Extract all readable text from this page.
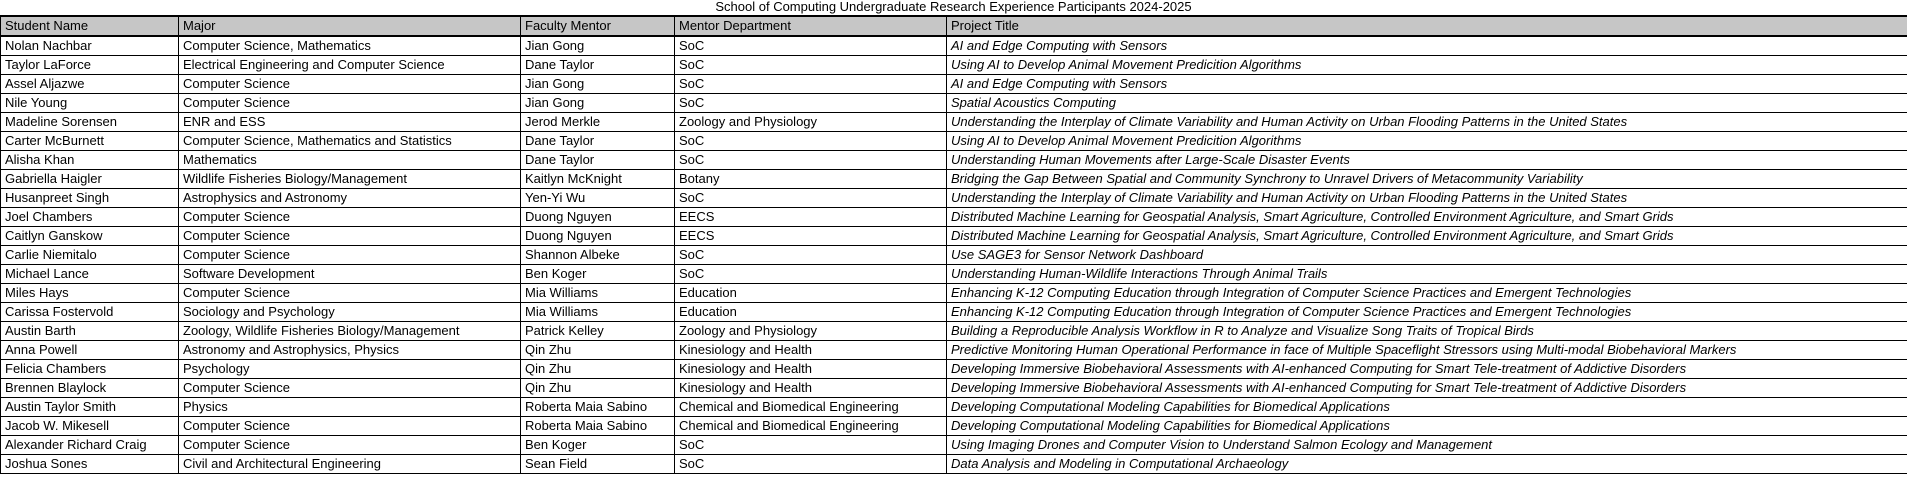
School of Computing Undergraduate Research Experience Participants 2024-2025
Student Name	Major	Faculty Mentor	Mentor Department	Project Title
Nolan Nachbar	Computer Science, Mathematics	Jian Gong	SoC	AI and Edge Computing with Sensors
Taylor LaForce	Electrical Engineering and Computer Science	Dane Taylor	SoC	Using AI to Develop Animal Movement Predicition Algorithms
Assel Aljazwe	Computer Science	Jian Gong	SoC	AI and Edge Computing with Sensors
Nile Young	Computer Science	Jian Gong	SoC	Spatial Acoustics Computing
Madeline Sorensen	ENR and ESS	Jerod Merkle	Zoology and Physiology	Understanding the Interplay of Climate Variability and Human Activity on Urban Flooding Patterns in the United States
Carter McBurnett	Computer Science, Mathematics and Statistics	Dane Taylor	SoC	Using AI to Develop Animal Movement Predicition Algorithms
Alisha Khan	Mathematics	Dane Taylor	SoC	Understanding Human Movements after Large-Scale Disaster Events
Gabriella Haigler	Wildlife Fisheries Biology/Management	Kaitlyn McKnight	Botany	Bridging the Gap Between Spatial and Community Synchrony to Unravel Drivers of Metacommunity Variability
Husanpreet Singh	Astrophysics and Astronomy	Yen-Yi Wu	SoC	Understanding the Interplay of Climate Variability and Human Activity on Urban Flooding Patterns in the United States
Joel Chambers	Computer Science	Duong Nguyen	EECS	Distributed Machine Learning for Geospatial Analysis, Smart Agriculture, Controlled Environment Agriculture, and Smart Grids
Caitlyn Ganskow	Computer Science	Duong Nguyen	EECS	Distributed Machine Learning for Geospatial Analysis, Smart Agriculture, Controlled Environment Agriculture, and Smart Grids
Carlie Niemitalo	Computer Science	Shannon Albeke	SoC	Use SAGE3 for Sensor Network Dashboard
Michael Lance	Software Development	Ben Koger	SoC	Understanding Human-Wildlife Interactions Through Animal Trails
Miles Hays	Computer Science	Mia Williams	Education	Enhancing K-12 Computing Education through Integration of Computer Science Practices and Emergent Technologies
Carissa Fostervold	Sociology and Psychology	Mia Williams	Education	Enhancing K-12 Computing Education through Integration of Computer Science Practices and Emergent Technologies
Austin Barth	Zoology, Wildlife Fisheries Biology/Management	Patrick Kelley	Zoology and Physiology	Building a Reproducible Analysis Workflow in R to Analyze and Visualize Song Traits of Tropical Birds
Anna Powell	Astronomy and Astrophysics, Physics	Qin Zhu	Kinesiology and Health	Predictive Monitoring Human Operational Performance in face of Multiple Spaceflight Stressors using Multi-modal Biobehavioral Markers
Felicia Chambers	Psychology	Qin Zhu	Kinesiology and Health	Developing Immersive Biobehavioral Assessments with AI-enhanced Computing for Smart Tele-treatment of Addictive Disorders
Brennen Blaylock	Computer Science	Qin Zhu	Kinesiology and Health	Developing Immersive Biobehavioral Assessments with AI-enhanced Computing for Smart Tele-treatment of Addictive Disorders
Austin Taylor Smith	Physics	Roberta Maia Sabino	Chemical and Biomedical Engineering	Developing Computational Modeling Capabilities for Biomedical Applications
Jacob W. Mikesell	Computer Science	Roberta Maia Sabino	Chemical and Biomedical Engineering	Developing Computational Modeling Capabilities for Biomedical Applications
Alexander Richard Craig	Computer Science	Ben Koger	SoC	Using Imaging Drones and Computer Vision to Understand Salmon Ecology and Management
Joshua Sones	Civil and Architectural Engineering	Sean Field	SoC	Data Analysis and Modeling in Computational Archaeology
